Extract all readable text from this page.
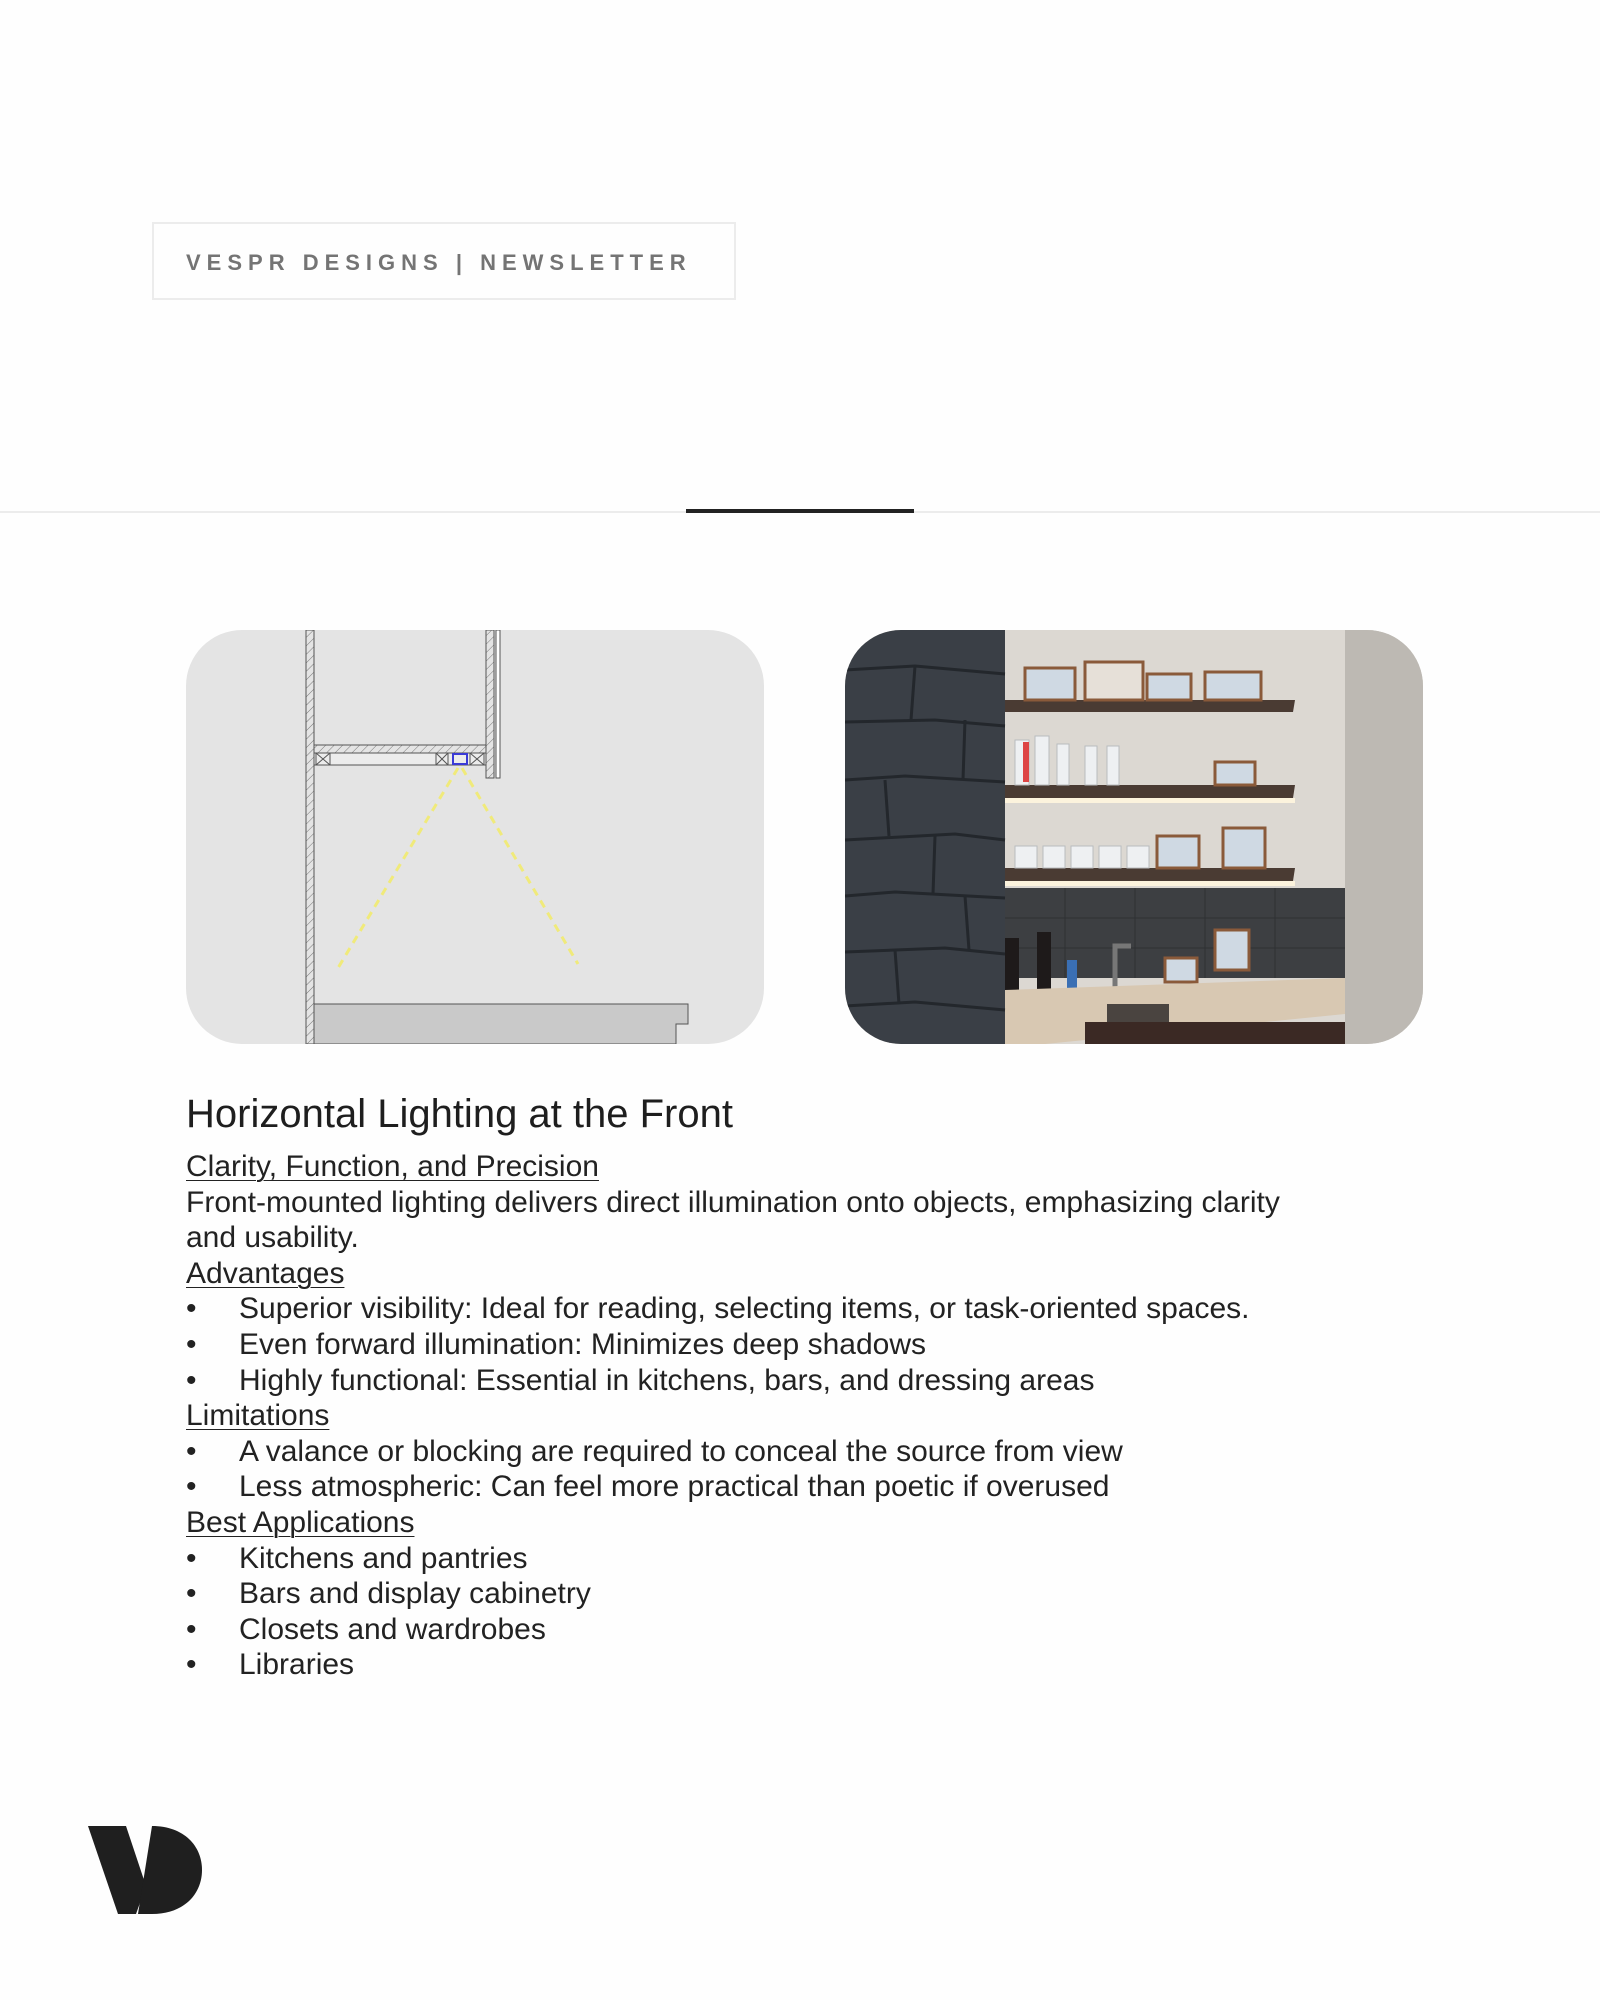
VESPR DESIGNS | NEWSLETTER
Horizontal Lighting at the Front
Clarity, Function, and Precision
Front-mounted lighting delivers direct illumination onto objects, emphasizing clarity and usability.
Advantages
• Superior visibility: Ideal for reading, selecting items, or task-oriented spaces.
•	Even forward illumination: Minimizes deep shadows
•	Highly functional: Essential in kitchens, bars, and dressing areas
Limitations
•	A valance or blocking are required to conceal the source from view
•	Less atmospheric: Can feel more practical than poetic if overused
Best Applications
•	Kitchens and pantries
•	Bars and display cabinetry
•	Closets and wardrobes
•	Libraries
